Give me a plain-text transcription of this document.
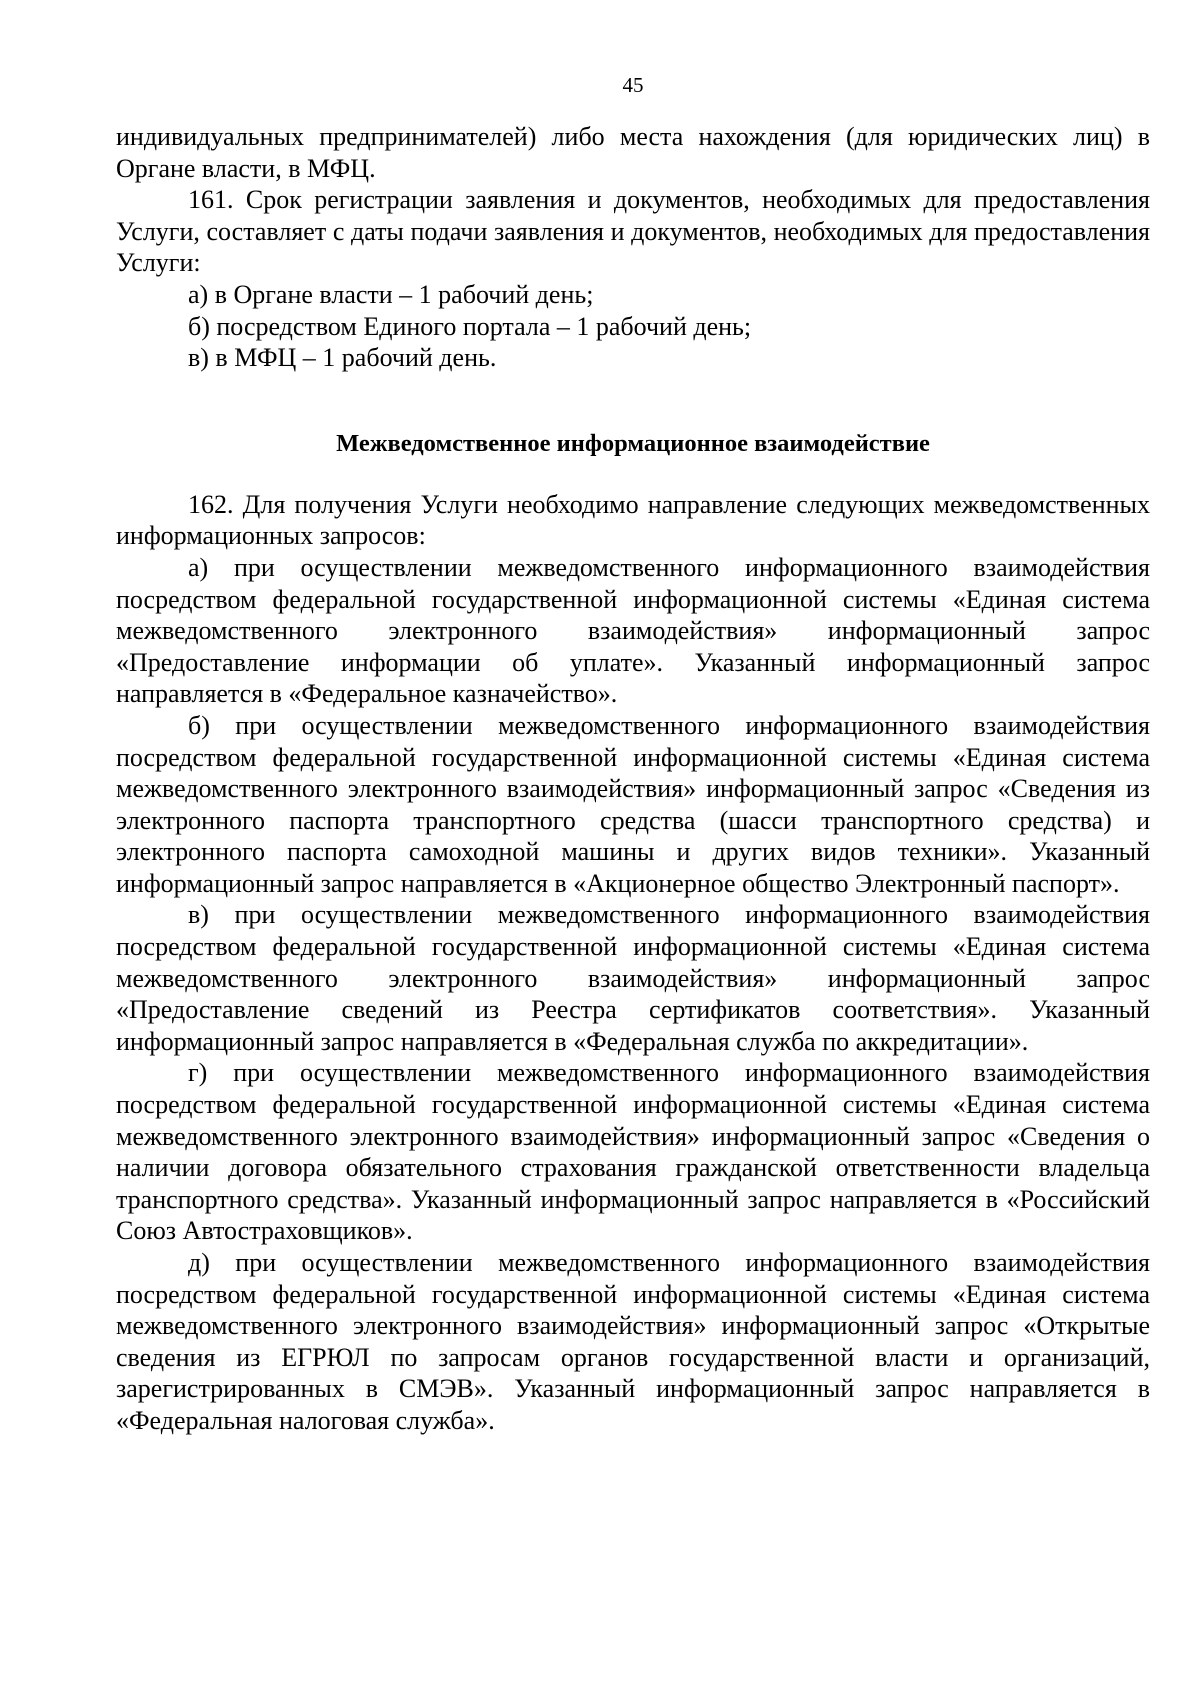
45

индивидуальных предпринимателей) либо места нахождения (для юридических лиц) в Органе власти, в МФЦ.

161. Срок регистрации заявления и документов, необходимых для предоставления Услуги, составляет с даты подачи заявления и документов, необходимых для предоставления Услуги:

а) в Органе власти – 1 рабочий день;

б) посредством Единого портала – 1 рабочий день;

в) в МФЦ – 1 рабочий день.

Межведомственное информационное взаимодействие

162. Для получения Услуги необходимо направление следующих межведомственных информационных запросов:

а) при осуществлении межведомственного информационного взаимодействия посредством федеральной государственной информационной системы «Единая система межведомственного электронного взаимодействия» информационный запрос «Предоставление информации об уплате». Указанный информационный запрос направляется в «Федеральное казначейство».

б) при осуществлении межведомственного информационного взаимодействия посредством федеральной государственной информационной системы «Единая система межведомственного электронного взаимодействия» информационный запрос «Сведения из электронного паспорта транспортного средства (шасси транспортного средства) и электронного паспорта самоходной машины и других видов техники». Указанный информационный запрос направляется в «Акционерное общество Электронный паспорт».

в) при осуществлении межведомственного информационного взаимодействия посредством федеральной государственной информационной системы «Единая система межведомственного электронного взаимодействия» информационный запрос «Предоставление сведений из Реестра сертификатов соответствия». Указанный информационный запрос направляется в «Федеральная служба по аккредитации».

г) при осуществлении межведомственного информационного взаимодействия посредством федеральной государственной информационной системы «Единая система межведомственного электронного взаимодействия» информационный запрос «Сведения о наличии договора обязательного страхования гражданской ответственности владельца транспортного средства». Указанный информационный запрос направляется в «Российский Союз Автостраховщиков».

д) при осуществлении межведомственного информационного взаимодействия посредством федеральной государственной информационной системы «Единая система межведомственного электронного взаимодействия» информационный запрос «Открытые сведения из ЕГРЮЛ по запросам органов государственной власти и организаций, зарегистрированных в СМЭВ». Указанный информационный запрос направляется в «Федеральная налоговая служба».
